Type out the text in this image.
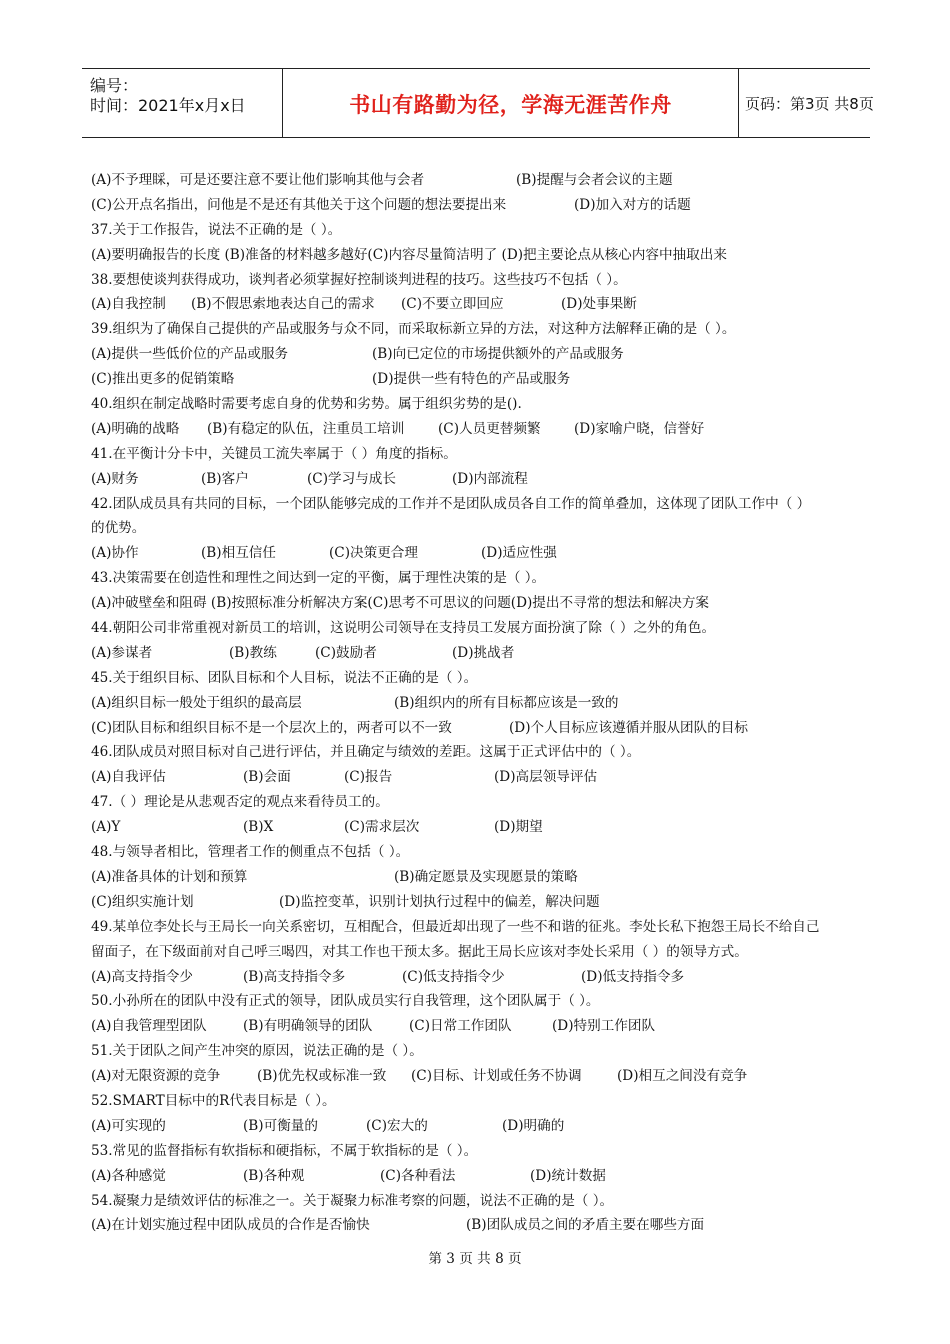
编号：
时间：2021年x月x日	书山有路勤为径，学海无涯苦作舟	页码：第3页 共8页
(A)不予理睬，可是还要注意不要让他们影响其他与会者	(B)提醒与会者会议的主题
(C)公开点名指出，问他是不是还有其他关于这个问题的想法要提出来	(D)加入对方的话题
37.关于工作报告，说法不正确的是（ ）。
(A)要明确报告的长度 (B)准备的材料越多越好(C)内容尽量简洁明了 (D)把主要论点从核心内容中抽取出来
38.要想使谈判获得成功，谈判者必须掌握好控制谈判进程的技巧。这些技巧不包括（ ）。
(A)自我控制 (B)不假思索地表达自己的需求 (C)不要立即回应	(D)处事果断
39.组织为了确保自己提供的产品或服务与众不同，而采取标新立异的方法，对这种方法解释正确的是（ ）。
(A)提供一些低价位的产品或服务	(B)向已定位的市场提供额外的产品或服务
(C)推出更多的促销策略	(D)提供一些有特色的产品或服务
40.组织在制定战略时需要考虑自身的优势和劣势。属于组织劣势的是().
(A)明确的战略 (B)有稳定的队伍，注重员工培训 (C)人员更替频繁 (D)家喻户晓，信誉好
41.在平衡计分卡中，关键员工流失率属于（ ）角度的指标。
(A)财务	(B)客户	(C)学习与成长	(D)内部流程
42.团队成员具有共同的目标，一个团队能够完成的工作并不是团队成员各自工作的简单叠加，这体现了团队工作中（ ）
的优势。
(A)协作	(B)相互信任	(C)决策更合理	(D)适应性强
43.决策需要在创造性和理性之间达到一定的平衡，属于理性决策的是（ ）。
(A)冲破壁垒和阻碍 (B)按照标准分析解决方案(C)思考不可思议的问题(D)提出不寻常的想法和解决方案
44.朝阳公司非常重视对新员工的培训，这说明公司领导在支持员工发展方面扮演了除（ ）之外的角色。
(A)参谋者	(B)教练	(C)鼓励者	(D)挑战者
45.关于组织目标、团队目标和个人目标，说法不正确的是（ ）。
(A)组织目标一般处于组织的最高层	(B)组织内的所有目标都应该是一致的
(C)团队目标和组织目标不是一个层次上的，两者可以不一致	(D)个人目标应该遵循并服从团队的目标
46.团队成员对照目标对自己进行评估，并且确定与绩效的差距。这属于正式评估中的（ ）。
(A)自我评估	(B)会面	(C)报告	(D)高层领导评估
47.（ ）理论是从悲观否定的观点来看待员工的。
(A)Y	(B)X	(C)需求层次	(D)期望
48.与领导者相比，管理者工作的侧重点不包括（ ）。
(A)准备具体的计划和预算	(B)确定愿景及实现愿景的策略
(C)组织实施计划	(D)监控变革，识别计划执行过程中的偏差，解决问题
49.某单位李处长与王局长一向关系密切，互相配合，但最近却出现了一些不和谐的征兆。李处长私下抱怨王局长不给自己
留面子，在下级面前对自己呼三喝四，对其工作也干预太多。据此王局长应该对李处长采用（ ）的领导方式。
(A)高支持指令少	(B)高支持指令多	(C)低支持指令少	(D)低支持指令多
50.小孙所在的团队中没有正式的领导，团队成员实行自我管理，这个团队属于（ ）。
(A)自我管理型团队	(B)有明确领导的团队	(C)日常工作团队	(D)特别工作团队
51.关于团队之间产生冲突的原因，说法正确的是（ ）。
(A)对无限资源的竞争	(B)优先权或标准一致 (C)目标、计划或任务不协调	(D)相互之间没有竞争
52.SMART目标中的R代表目标是（ ）。
(A)可实现的	(B)可衡量的	(C)宏大的	(D)明确的
53.常见的监督指标有软指标和硬指标，不属于软指标的是（ ）。
(A)各种感觉	(B)各种观	(C)各种看法	(D)统计数据
54.凝聚力是绩效评估的标准之一。关于凝聚力标准考察的问题，说法不正确的是（ ）。
(A)在计划实施过程中团队成员的合作是否愉快	(B)团队成员之间的矛盾主要在哪些方面
第 3 页 共 8 页
